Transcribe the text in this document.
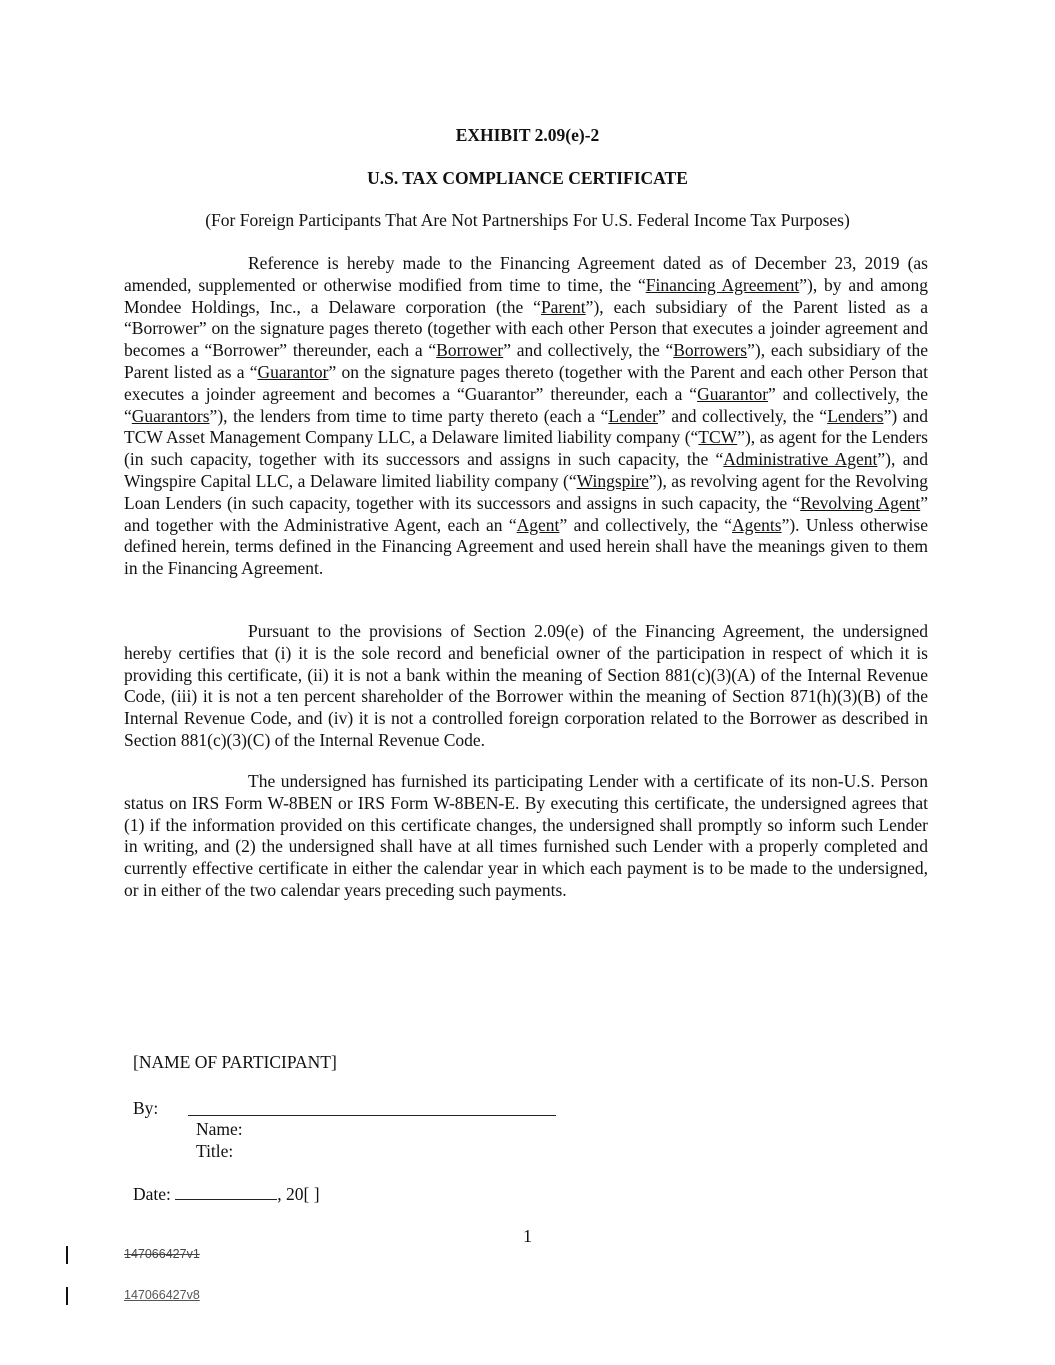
EXHIBIT 2.09(e)-2
U.S. TAX COMPLIANCE CERTIFICATE
(For Foreign Participants That Are Not Partnerships For U.S. Federal Income Tax Purposes)

Reference is hereby made to the Financing Agreement dated as of December 23, 2019 (as amended, supplemented or otherwise modified from time to time, the “Financing Agreement”), by and among Mondee Holdings, Inc., a Delaware corporation (the “Parent”), each subsidiary of the Parent listed as a “Borrower” on the signature pages thereto (together with each other Person that executes a joinder agreement and becomes a “Borrower” thereunder, each a “Borrower” and collectively, the “Borrowers”), each subsidiary of the Parent listed as a “Guarantor” on the signature pages thereto (together with the Parent and each other Person that executes a joinder agreement and becomes a “Guarantor” thereunder, each a “Guarantor” and collectively, the “Guarantors”), the lenders from time to time party thereto (each a “Lender” and collectively, the “Lenders”) and TCW Asset Management Company LLC, a Delaware limited liability company (“TCW”), as agent for the Lenders (in such capacity, together with its successors and assigns in such capacity, the “Administrative Agent”), and Wingspire Capital LLC, a Delaware limited liability company (“Wingspire”), as revolving agent for the Revolving Loan Lenders (in such capacity, together with its successors and assigns in such capacity, the “Revolving Agent” and together with the Administrative Agent, each an “Agent” and collectively, the “Agents”). Unless otherwise defined herein, terms defined in the Financing Agreement and used herein shall have the meanings given to them in the Financing Agreement.

Pursuant to the provisions of Section 2.09(e) of the Financing Agreement, the undersigned hereby certifies that (i) it is the sole record and beneficial owner of the participation in respect of which it is providing this certificate, (ii) it is not a bank within the meaning of Section 881(c)(3)(A) of the Internal Revenue Code, (iii) it is not a ten percent shareholder of the Borrower within the meaning of Section 871(h)(3)(B) of the Internal Revenue Code, and (iv) it is not a controlled foreign corporation related to the Borrower as described in Section 881(c)(3)(C) of the Internal Revenue Code.

The undersigned has furnished its participating Lender with a certificate of its non-U.S. Person status on IRS Form W-8BEN or IRS Form W-8BEN-E. By executing this certificate, the undersigned agrees that (1) if the information provided on this certificate changes, the undersigned shall promptly so inform such Lender in writing, and (2) the undersigned shall have at all times furnished such Lender with a properly completed and currently effective certificate in either the calendar year in which each payment is to be made to the undersigned, or in either of the two calendar years preceding such payments.

[NAME OF PARTICIPANT]
By:
Name:
Title:
Date:	, 20[ ]
1
147066427v1
147066427v8
